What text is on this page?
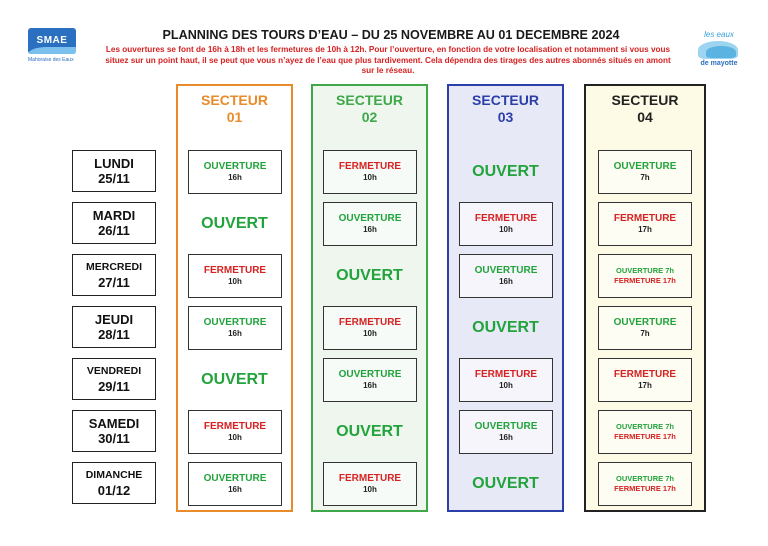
SMAE
Mahoraise des Eaux
PLANNING DES TOURS D’EAU – DU 25 NOVEMBRE AU 01 DECEMBRE 2024
Les ouvertures se font de 16h à 18h et les fermetures de 10h à 12h. Pour l’ouverture, en fonction de votre localisation et notamment si vous vous situez sur un point haut, il se peut que vous n’ayez de l’eau que plus tardivement. Cela dépendra des tirages des autres abonnés situés en amont sur le réseau.
les eaux
de mayotte
LUNDI
25/11
MARDI
26/11
MERCREDI
27/11
JEUDI
28/11
VENDREDI
29/11
SAMEDI
30/11
DIMANCHE
01/12
SECTEUR
01
OUVERTURE
16h
OUVERT
FERMETURE
10h
OUVERTURE
16h
OUVERT
FERMETURE
10h
OUVERTURE
16h
SECTEUR
02
FERMETURE
10h
OUVERTURE
16h
OUVERT
FERMETURE
10h
OUVERTURE
16h
OUVERT
FERMETURE
10h
SECTEUR
03
OUVERT
FERMETURE
10h
OUVERTURE
16h
OUVERT
FERMETURE
10h
OUVERTURE
16h
OUVERT
SECTEUR
04
OUVERTURE
7h
FERMETURE
17h
OUVERTURE 7h
FERMETURE 17h
OUVERTURE
7h
FERMETURE
17h
OUVERTURE 7h
FERMETURE 17h
OUVERTURE 7h
FERMETURE 17h
